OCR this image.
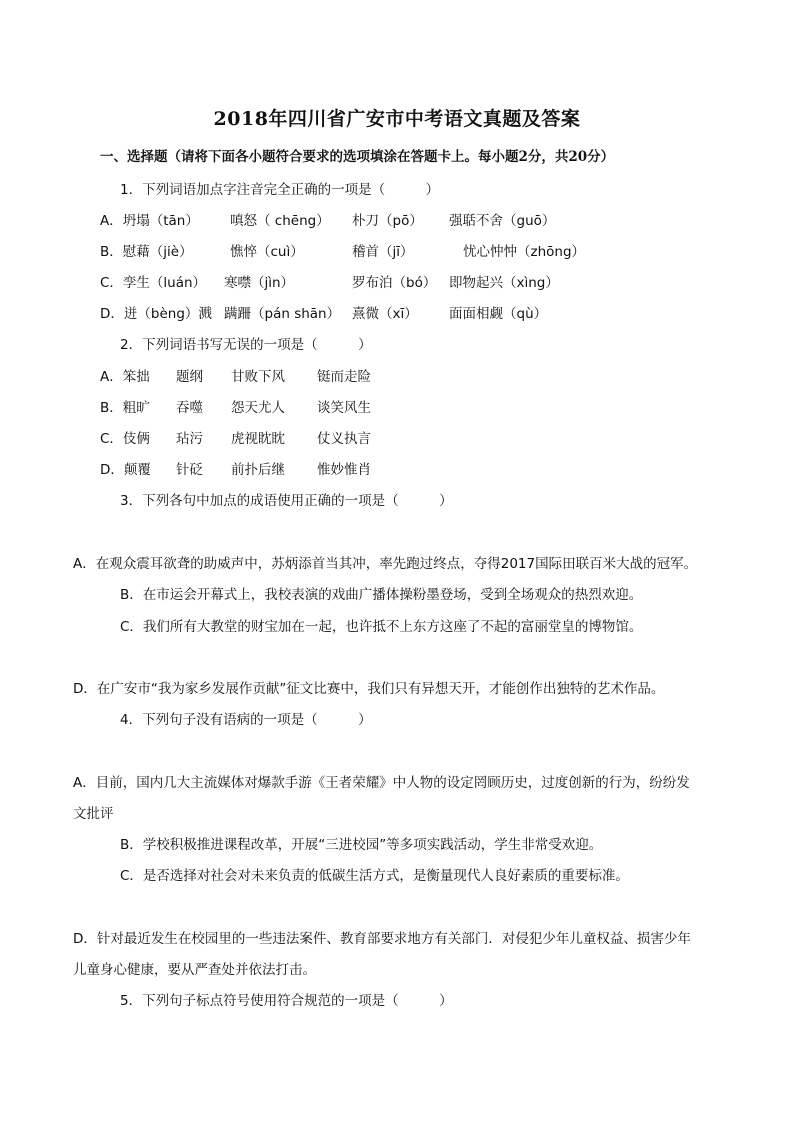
2018年四川省广安市中考语文真题及答案
一、选择题（请将下面各小题符合要求的选项填涂在答题卡上。每小题2分，共20分）
1．下列词语加点字注音完全正确的一项是（　　　）
A．坍塌（tān） 嗔怒（ chēng） 朴刀（pō） 强聒不舍（guō）
B．慰藉（jiè）	憔悴（cuì）	稽首（jī）	忧心忡忡（zhōng）
C．孪生（luán） 寒噤（jìn）	罗布泊（bó） 即物起兴（xìng）
D．迸（bèng）溅 蹒跚（pán shān） 熹微（xī） 面面相觑（qù）
2．下列词语书写无误的一项是（　　　）
A．笨拙 题纲 甘败下风 铤而走险
B．粗旷 吞噬 怨天尤人 谈笑风生
C．伎俩 玷污 虎视眈眈 仗义执言
D．颠覆 针砭 前扑后继 惟妙惟肖
3．下列各句中加点的成语使用正确的一项是（　　　）
A．在观众震耳欲聋的助威声中，苏炳添首当其冲，率先跑过终点，夺得2017国际田联百米大战的冠军。
B．在市运会开幕式上，我校表演的戏曲广播体操粉墨登场，受到全场观众的热烈欢迎。
C．我们所有大教堂的财宝加在一起，也许抵不上东方这座了不起的富丽堂皇的博物馆。
D．在广安市“我为家乡发展作贡献”征文比赛中，我们只有异想天开，才能创作出独特的艺术作品。
4．下列句子没有语病的一项是（　　　）
A．目前，国内几大主流媒体对爆款手游《王者荣耀》中人物的设定罔顾历史，过度创新的行为，纷纷发
文批评
B．学校积极推进课程改革，开展“三进校园”等多项实践活动，学生非常受欢迎。
C．是否选择对社会对未来负责的低碳生活方式，是衡量现代人良好素质的重要标准。
D．针对最近发生在校园里的一些违法案件、教育部要求地方有关部门．对侵犯少年儿童权益、损害少年
儿童身心健康，要从严查处并依法打击。
5．下列句子标点符号使用符合规范的一项是（　　　）
